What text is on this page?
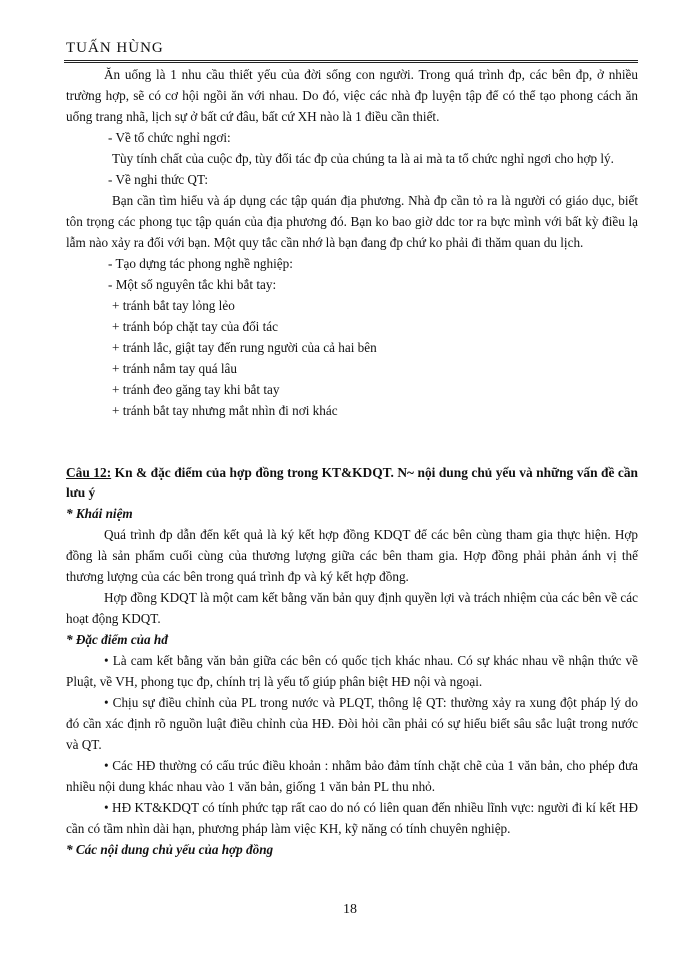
TUẤN HÙNG

Ăn uống là 1 nhu cầu thiết yếu của đời sống con người. Trong quá trình đp, các bên đp, ở nhiều trường hợp, sẽ có cơ hội ngồi ăn với nhau. Do đó, việc các nhà đp luyện tập để có thể tạo phong cách ăn uống trang nhã, lịch sự ở bất cứ đâu, bất cứ XH nào là 1 điều cần thiết.

- Về tổ chức nghỉ ngơi:

Tùy tính chất của cuộc đp, tùy đối tác đp của chúng ta là ai mà ta tổ chức nghỉ ngơi cho hợp lý.

- Về nghi thức QT:

Bạn cần tìm hiểu và áp dụng các tập quán địa phương. Nhà đp cần tỏ ra là người có giáo dục, biết tôn trọng các phong tục tập quán của địa phương đó. Bạn ko bao giờ ddc tor ra bực mình với bất kỳ điều lạ lẫm nào xảy ra đối với bạn. Một quy tắc cần nhớ là bạn đang đp chứ ko phải đi thăm quan du lịch.

- Tạo dựng tác phong nghề nghiệp:

- Một số nguyên tắc khi bắt tay:

+ tránh bắt tay lỏng lẻo

+ tránh bóp chặt tay của đối tác

+ tránh lắc, giật tay đến rung người của cả hai bên

+ tránh nắm tay quá lâu

+ tránh đeo găng tay khi bắt tay

+ tránh bắt tay nhưng mắt nhìn đi nơi khác

Câu 12: Kn & đặc điểm của hợp đồng trong KT&KDQT. N~ nội dung chủ yếu và những vấn đề cần lưu ý

* Khái niệm

Quá trình đp dẫn đến kết quả là ký kết hợp đồng KDQT để các bên cùng tham gia thực hiện. Hợp đồng là sản phẩm cuối cùng của thương lượng giữa các bên tham gia. Hợp đồng phải phản ánh vị thế thương lượng của các bên trong quá trình đp và ký kết hợp đồng.

Hợp đồng KDQT là một cam kết bằng văn bản quy định quyền lợi và trách nhiệm của các bên về các hoạt động KDQT.

* Đặc điểm của hđ

• Là cam kết bằng văn bản giữa các bên có quốc tịch khác nhau. Có sự khác nhau về nhận thức về Pluật, về VH, phong tục đp, chính trị là yếu tố giúp phân biệt HĐ nội và ngoại.

• Chịu sự điều chỉnh của PL trong nước và PLQT, thông lệ QT: thường xảy ra xung đột pháp lý do đó cần xác định rõ nguồn luật điều chỉnh của HĐ. Đòi hỏi cần phải có sự hiểu biết sâu sắc luật trong nước và QT.

• Các HĐ thường có cấu trúc điều khoản : nhằm bảo đảm tính chặt chẽ của 1 văn bản, cho phép đưa nhiều nội dung khác nhau vào 1 văn bản, giống 1 văn bản PL thu nhỏ.

• HĐ KT&KDQT có tính phức tạp rất cao do nó có liên quan đến nhiều lĩnh vực: người đi kí kết HĐ cần có tầm nhìn dài hạn, phương pháp làm việc KH, kỹ năng có tính chuyên nghiệp.

* Các nội dung chủ yếu của hợp đồng

18
